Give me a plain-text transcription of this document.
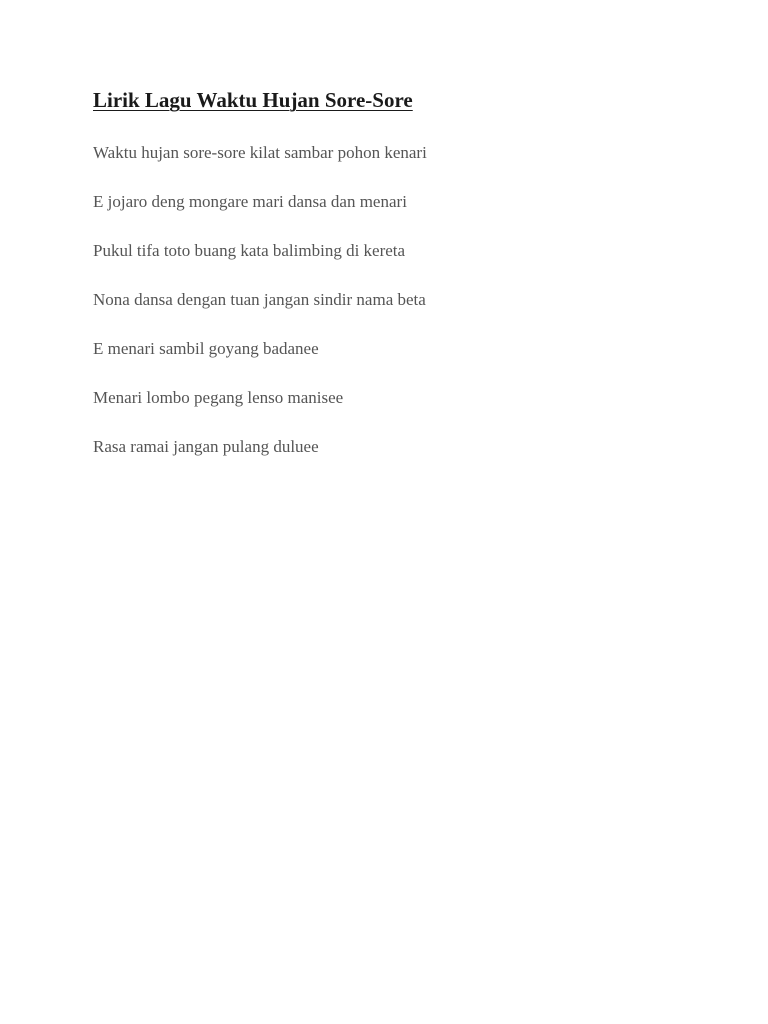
Lirik Lagu Waktu Hujan Sore-Sore
Waktu hujan sore-sore kilat sambar pohon kenari
E jojaro deng mongare mari dansa dan menari
Pukul tifa toto buang kata balimbing di kereta
Nona dansa dengan tuan jangan sindir nama beta
E menari sambil goyang badanee
Menari lombo pegang lenso manisee
Rasa ramai jangan pulang duluee
